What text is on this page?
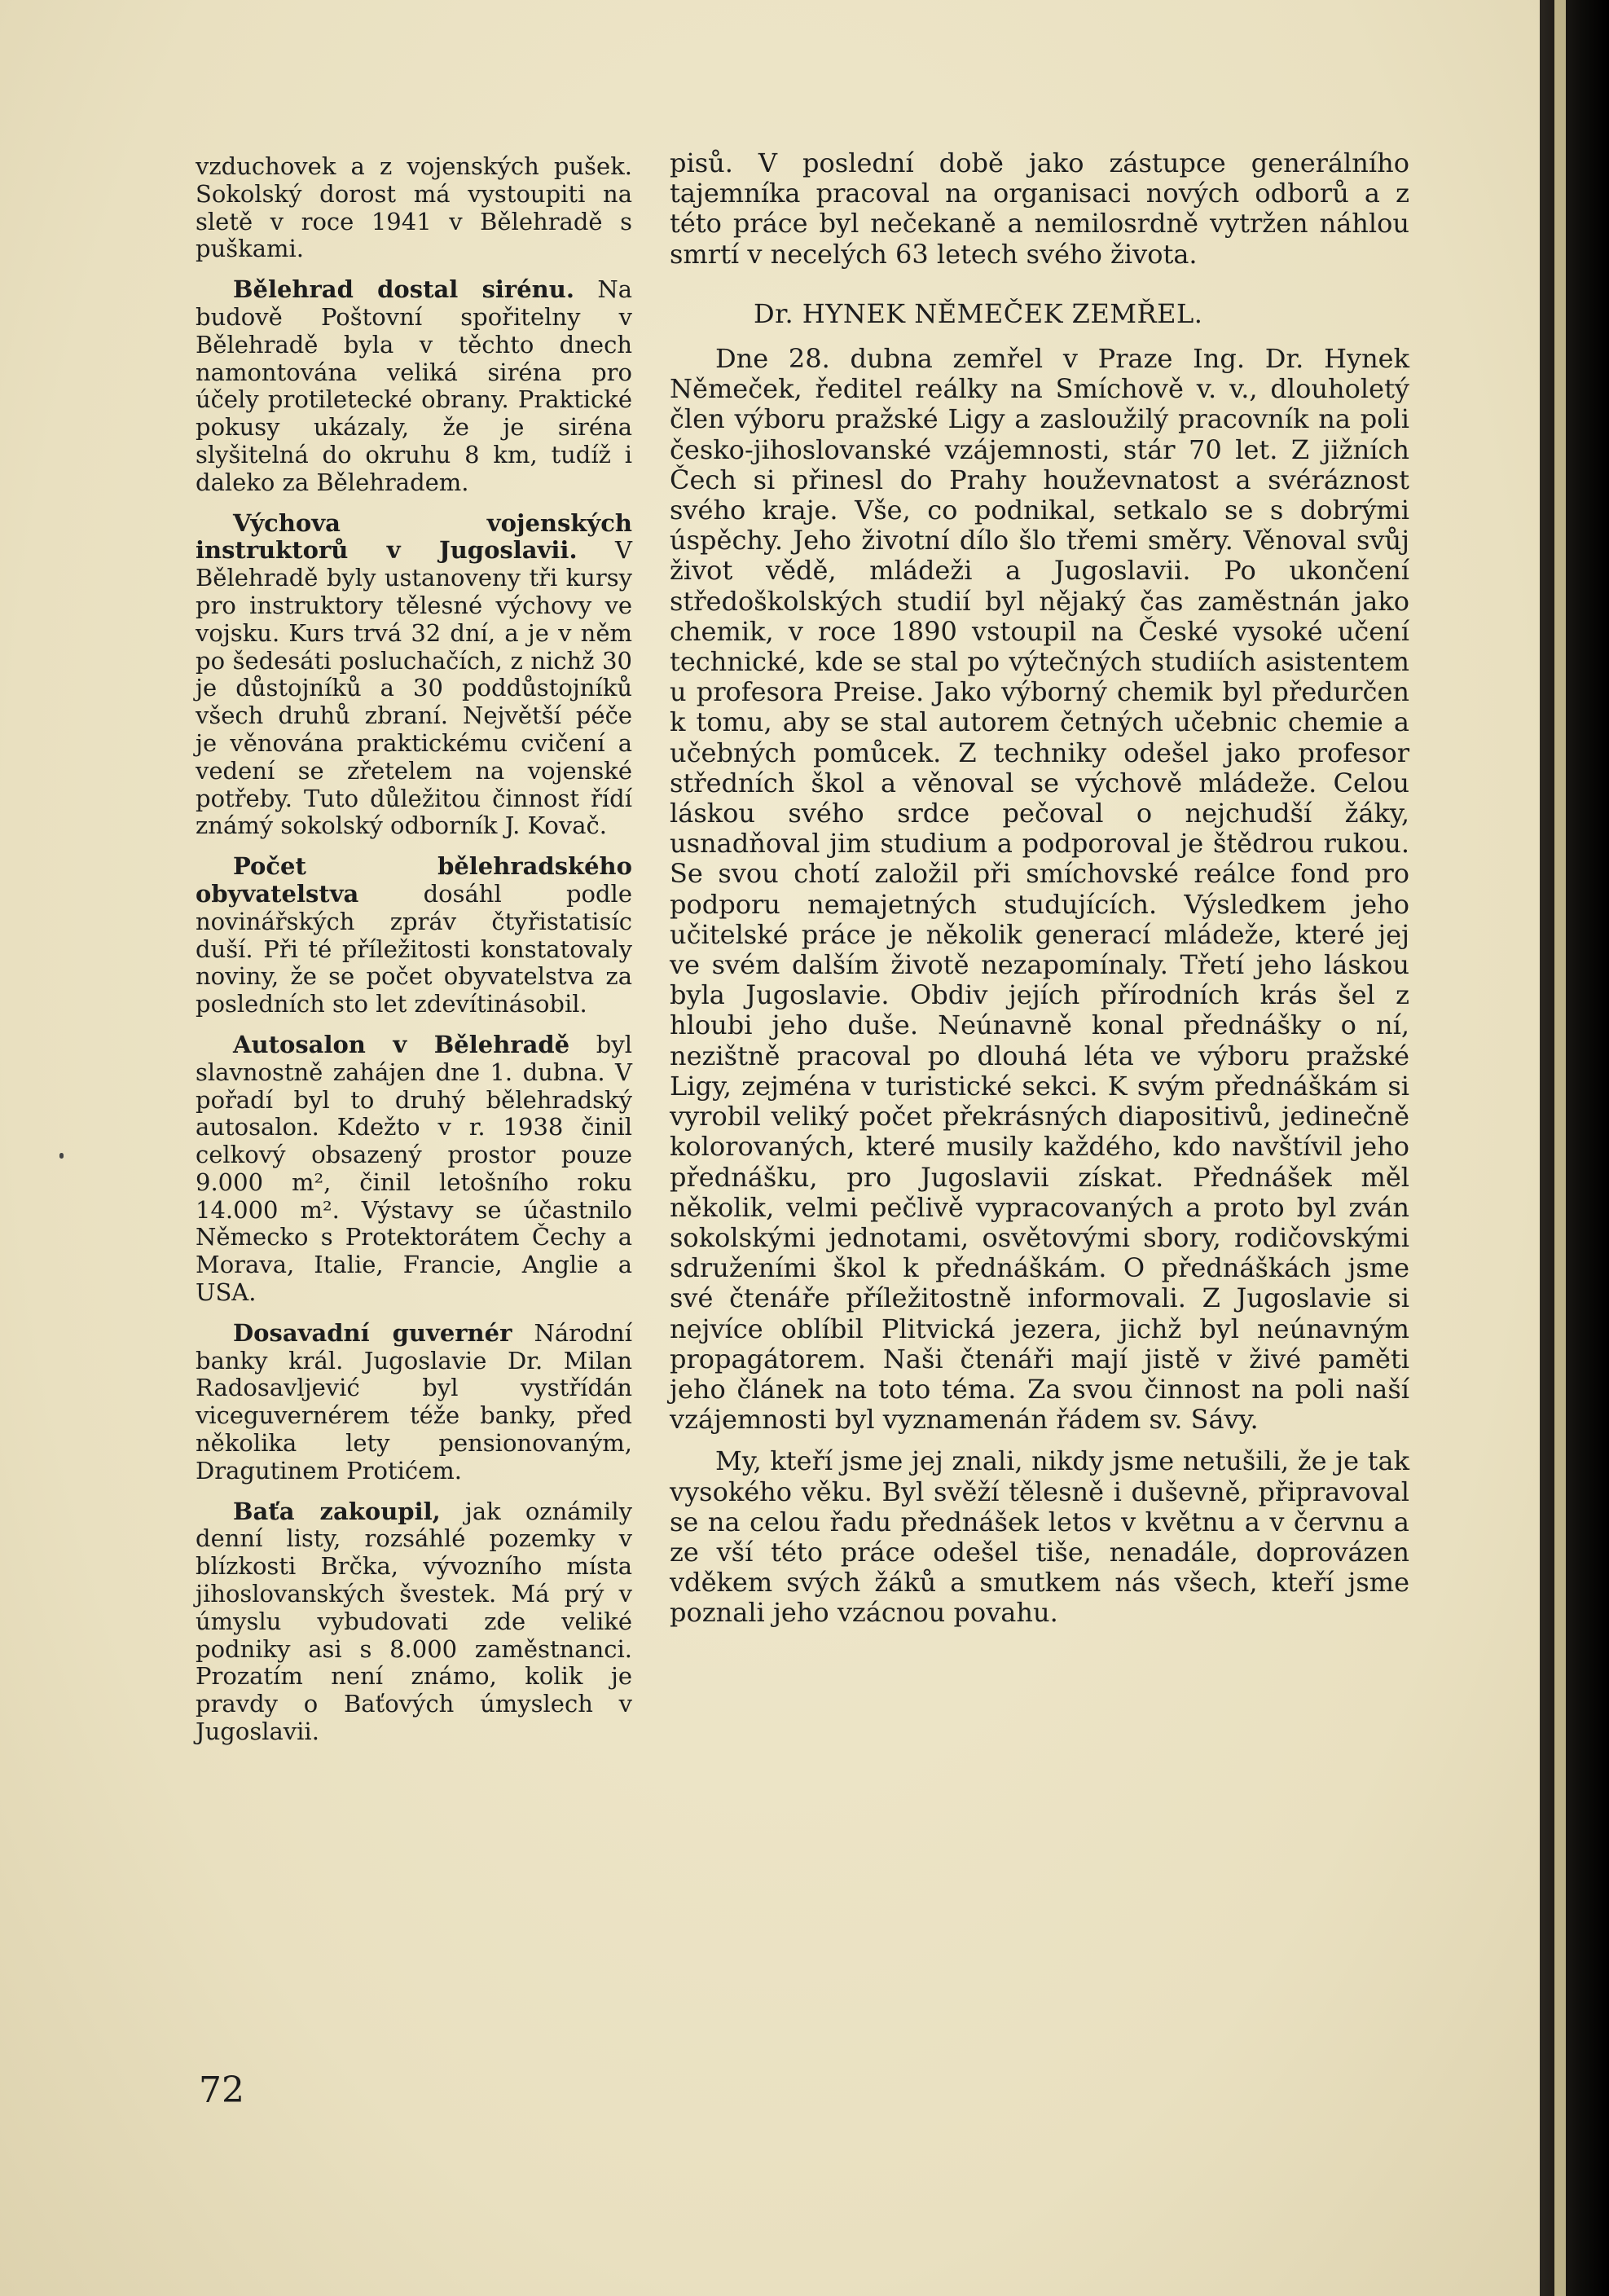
vzduchovek a z vojenských pušek. Sokolský dorost má vystoupiti na sletě v roce 1941 v Bělehradě s puškami.

Bělehrad dostal sirénu. Na budově Poštovní spořitelny v Bělehradě byla v těchto dnech namontována veliká siréna pro účely protiletecké obrany. Praktické pokusy ukázaly, že je siréna slyšitelná do okruhu 8 km, tudíž i daleko za Bělehradem.

Výchova vojenských instruktorů v Jugoslavii. V Bělehradě byly ustanoveny tři kursy pro instruktory tělesné výchovy ve vojsku. Kurs trvá 32 dní, a je v něm po šedesáti posluchačích, z nichž 30 je důstojníků a 30 poddůstojníků všech druhů zbraní. Největší péče je věnována praktickému cvičení a vedení se zřetelem na vojenské potřeby. Tuto důležitou činnost řídí známý sokolský odborník J. Kovač.

Počet bělehradského obyvatelstva dosáhl podle novinářských zpráv čtyřistatisíc duší. Při té příležitosti konstatovaly noviny, že se počet obyvatelstva za posledních sto let zdevítinásobil.

Autosalon v Bělehradě byl slavnostně zahájen dne 1. dubna. V pořadí byl to druhý bělehradský autosalon. Kdežto v r. 1938 činil celkový obsazený prostor pouze 9.000 m², činil letošního roku 14.000 m². Výstavy se účastnilo Německo s Protektorátem Čechy a Morava, Italie, Francie, Anglie a USA.

Dosavadní guvernér Národní banky král. Jugoslavie Dr. Milan Radosavljević byl vystřídán viceguvernérem téže banky, před několika lety pensionovaným, Dragutinem Protićem.

Baťa zakoupil, jak oznámily denní listy, rozsáhlé pozemky v blízkosti Brčka, vývozního místa jihoslovanských švestek. Má prý v úmyslu vybudovati zde veliké podniky asi s 8.000 zaměstnanci. Prozatím není známo, kolik je pravdy o Baťových úmyslech v Jugoslavii.

pisů. V poslední době jako zástupce generálního tajemníka pracoval na organisaci nových odborů a z této práce byl nečekaně a nemilosrdně vytržen náhlou smrtí v necelých 63 letech svého života.

Dr. HYNEK NĚMEČEK ZEMŘEL.

Dne 28. dubna zemřel v Praze Ing. Dr. Hynek Němeček, ředitel reálky na Smíchově v. v., dlouholetý člen výboru pražské Ligy a zasloužilý pracovník na poli česko-jihoslovanské vzájemnosti, stár 70 let. Z jižních Čech si přinesl do Prahy houževnatost a svéráznost svého kraje. Vše, co podnikal, setkalo se s dobrými úspěchy. Jeho životní dílo šlo třemi směry. Věnoval svůj život vědě, mládeži a Jugoslavii. Po ukončení středoškolských studií byl nějaký čas zaměstnán jako chemik, v roce 1890 vstoupil na České vysoké učení technické, kde se stal po výtečných studiích asistentem u profesora Preise. Jako výborný chemik byl předurčen k tomu, aby se stal autorem četných učebnic chemie a učebných pomůcek. Z techniky odešel jako profesor středních škol a věnoval se výchově mládeže. Celou láskou svého srdce pečoval o nejchudší žáky, usnadňoval jim studium a podporoval je štědrou rukou. Se svou chotí založil při smíchovské reálce fond pro podporu nemajetných studujících. Výsledkem jeho učitelské práce je několik generací mládeže, které jej ve svém dalším životě nezapomínaly. Třetí jeho láskou byla Jugoslavie. Obdiv jejích přírodních krás šel z hloubi jeho duše. Neúnavně konal přednášky o ní, nezištně pracoval po dlouhá léta ve výboru pražské Ligy, zejména v turistické sekci. K svým přednáškám si vyrobil veliký počet překrásných diapositivů, jedinečně kolorovaných, které musily každého, kdo navštívil jeho přednášku, pro Jugoslavii získat. Přednášek měl několik, velmi pečlivě vypracovaných a proto byl zván sokolskými jednotami, osvětovými sbory, rodičovskými sdruženími škol k přednáškám. O přednáškách jsme své čtenáře příležitostně informovali. Z Jugoslavie si nejvíce oblíbil Plitvická jezera, jichž byl neúnavným propagátorem. Naši čtenáři mají jistě v živé paměti jeho článek na toto téma. Za svou činnost na poli naší vzájemnosti byl vyznamenán řádem sv. Sávy.

My, kteří jsme jej znali, nikdy jsme netušili, že je tak vysokého věku. Byl svěží tělesně i duševně, připravoval se na celou řadu přednášek letos v květnu a v červnu a ze vší této práce odešel tiše, nenadále, doprovázen vděkem svých žáků a smutkem nás všech, kteří jsme poznali jeho vzácnou povahu.

72
